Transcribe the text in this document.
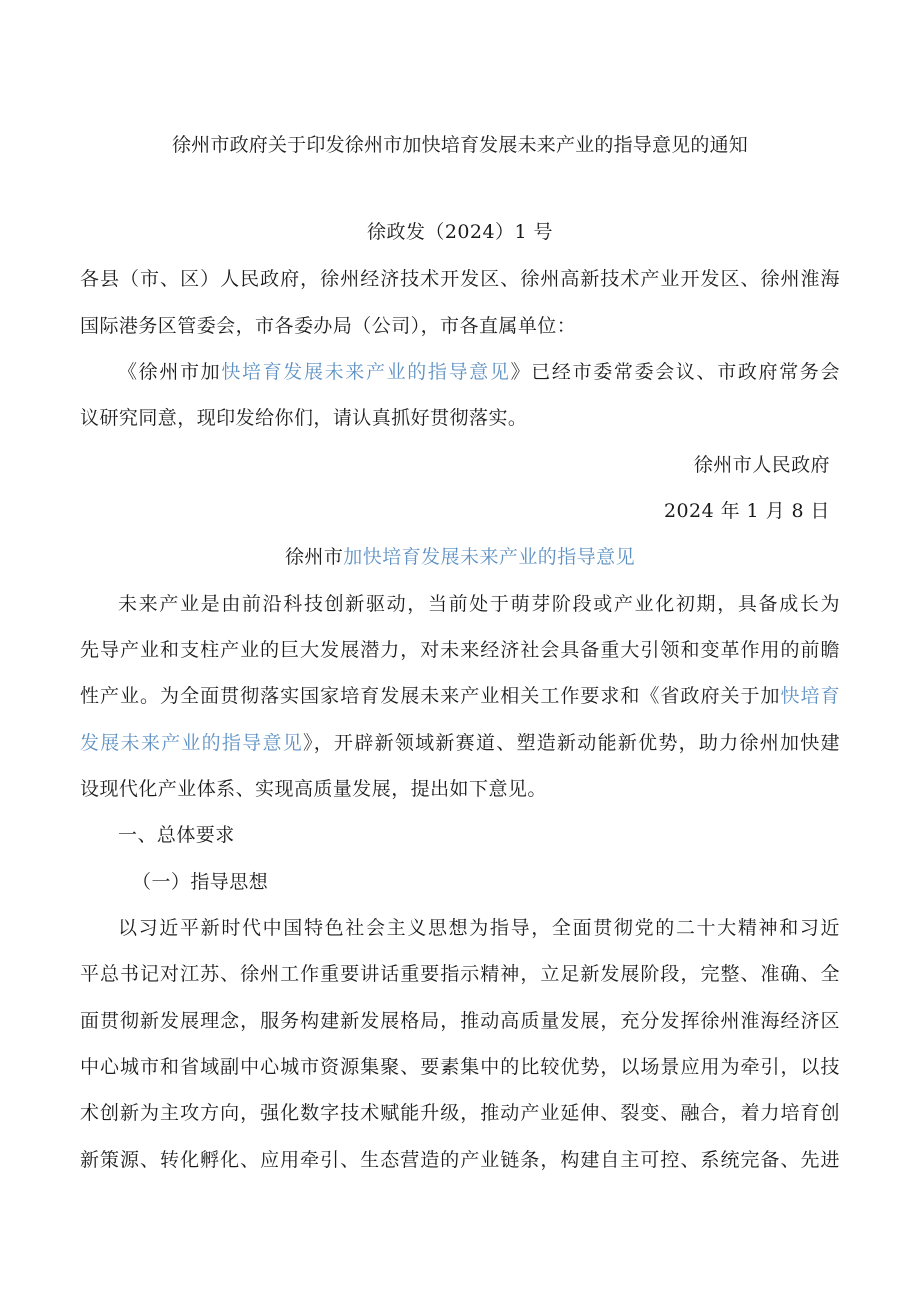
徐州市政府关于印发徐州市加快培育发展未来产业的指导意见的通知
徐政发（2024）1 号
各县（市、区）人民政府，徐州经济技术开发区、徐州高新技术产业开发区、徐州淮海
国际港务区管委会，市各委办局（公司），市各直属单位：
《徐州市加快培育发展未来产业的指导意见》已经市委常委会议、市政府常务会
议研究同意，现印发给你们，请认真抓好贯彻落实。
徐州市人民政府
2024 年 1 月 8 日
徐州市加快培育发展未来产业的指导意见
未来产业是由前沿科技创新驱动，当前处于萌芽阶段或产业化初期，具备成长为
先导产业和支柱产业的巨大发展潜力，对未来经济社会具备重大引领和变革作用的前瞻
性产业。为全面贯彻落实国家培育发展未来产业相关工作要求和《省政府关于加快培育
发展未来产业的指导意见》，开辟新领域新赛道、塑造新动能新优势，助力徐州加快建
设现代化产业体系、实现高质量发展，提出如下意见。
一、总体要求
（一）指导思想
以习近平新时代中国特色社会主义思想为指导，全面贯彻党的二十大精神和习近
平总书记对江苏、徐州工作重要讲话重要指示精神，立足新发展阶段，完整、准确、全
面贯彻新发展理念，服务构建新发展格局，推动高质量发展，充分发挥徐州淮海经济区
中心城市和省域副中心城市资源集聚、要素集中的比较优势，以场景应用为牵引，以技
术创新为主攻方向，强化数字技术赋能升级，推动产业延伸、裂变、融合，着力培育创
新策源、转化孵化、应用牵引、生态营造的产业链条，构建自主可控、系统完备、先进
